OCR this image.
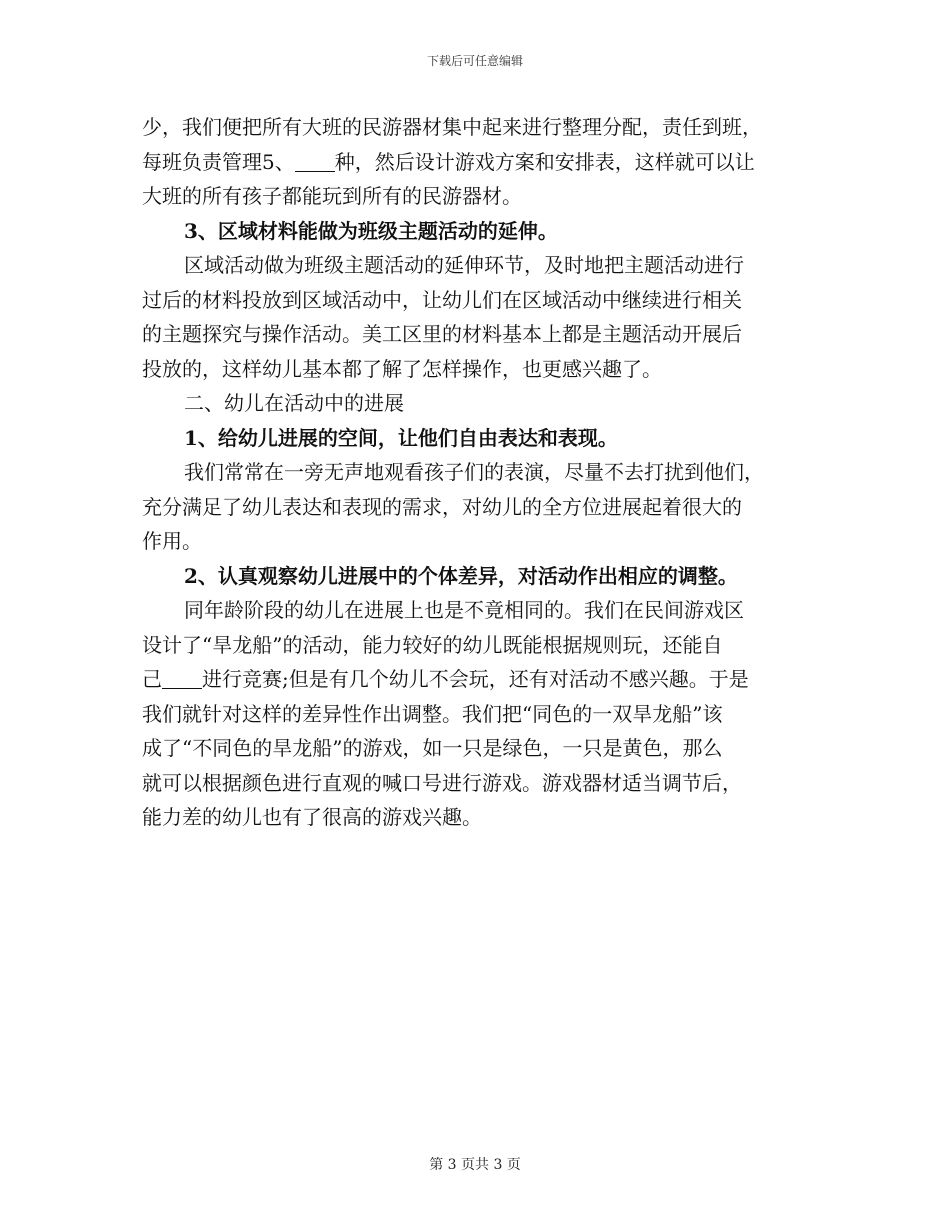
下载后可任意编辑
少，我们便把所有大班的民游器材集中起来进行整理分配，责任到班，
每班负责管理5、 种，然后设计游戏方案和安排表，这样就可以让
大班的所有孩子都能玩到所有的民游器材。
3、区域材料能做为班级主题活动的延伸。
区域活动做为班级主题活动的延伸环节，及时地把主题活动进行
过后的材料投放到区域活动中，让幼儿们在区域活动中继续进行相关
的主题探究与操作活动。美工区里的材料基本上都是主题活动开展后
投放的，这样幼儿基本都了解了怎样操作，也更感兴趣了。
二、幼儿在活动中的进展
1、给幼儿进展的空间，让他们自由表达和表现。
我们常常在一旁无声地观看孩子们的表演，尽量不去打扰到他们，
充分满足了幼儿表达和表现的需求，对幼儿的全方位进展起着很大的
作用。
2、认真观察幼儿进展中的个体差异，对活动作出相应的调整。
同年龄阶段的幼儿在进展上也是不竟相同的。我们在民间游戏区
设计了“旱龙船”的活动，能力较好的幼儿既能根据规则玩，还能自
己 进行竞赛;但是有几个幼儿不会玩，还有对活动不感兴趣。于是
我们就针对这样的差异性作出调整。我们把“同色的一双旱龙船”该
成了“不同色的旱龙船”的游戏，如一只是绿色，一只是黄色，那么
就可以根据颜色进行直观的喊口号进行游戏。游戏器材适当调节后，
能力差的幼儿也有了很高的游戏兴趣。
第 3 页共 3 页
